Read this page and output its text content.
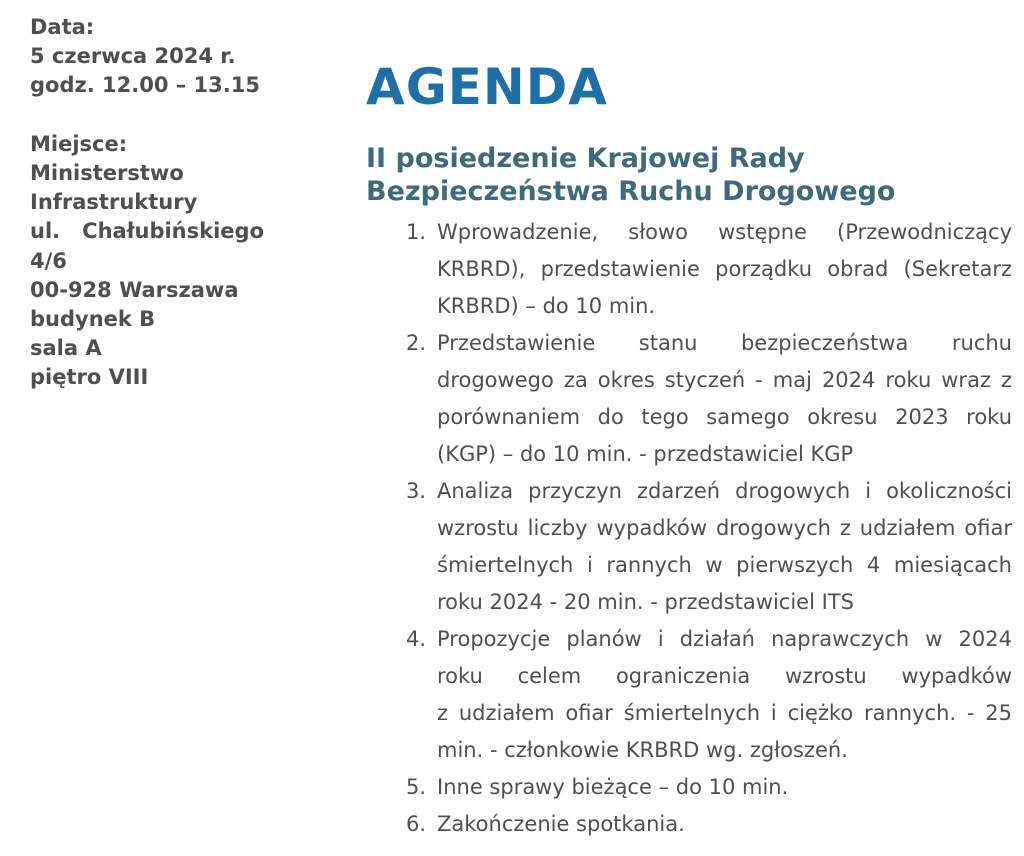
Data:
5 czerwca 2024 r.
godz. 12.00 – 13.15
Miejsce:
Ministerstwo
Infrastruktury
ul. Chałubińskiego
4/6
00-928 Warszawa
budynek B
sala A
piętro VIII
AGENDA
II posiedzenie Krajowej Rady
Bezpieczeństwa Ruchu Drogowego
1. Wprowadzenie, słowo wstępne (Przewodniczący
KRBRD), przedstawienie porządku obrad (Sekretarz
KRBRD) – do 10 min.
2. Przedstawienie stanu bezpieczeństwa ruchu
drogowego za okres styczeń - maj 2024 roku wraz z
porównaniem do tego samego okresu 2023 roku
(KGP) – do 10 min. - przedstawiciel KGP
3. Analiza przyczyn zdarzeń drogowych i okoliczności
wzrostu liczby wypadków drogowych z udziałem ofiar
śmiertelnych i rannych w pierwszych 4 miesiącach
roku 2024 - 20 min. - przedstawiciel ITS
4. Propozycje planów i działań naprawczych w 2024
roku celem ograniczenia wzrostu wypadków
z udziałem ofiar śmiertelnych i ciężko rannych. - 25
min. - członkowie KRBRD wg. zgłoszeń.
5. Inne sprawy bieżące – do 10 min.
6. Zakończenie spotkania.
